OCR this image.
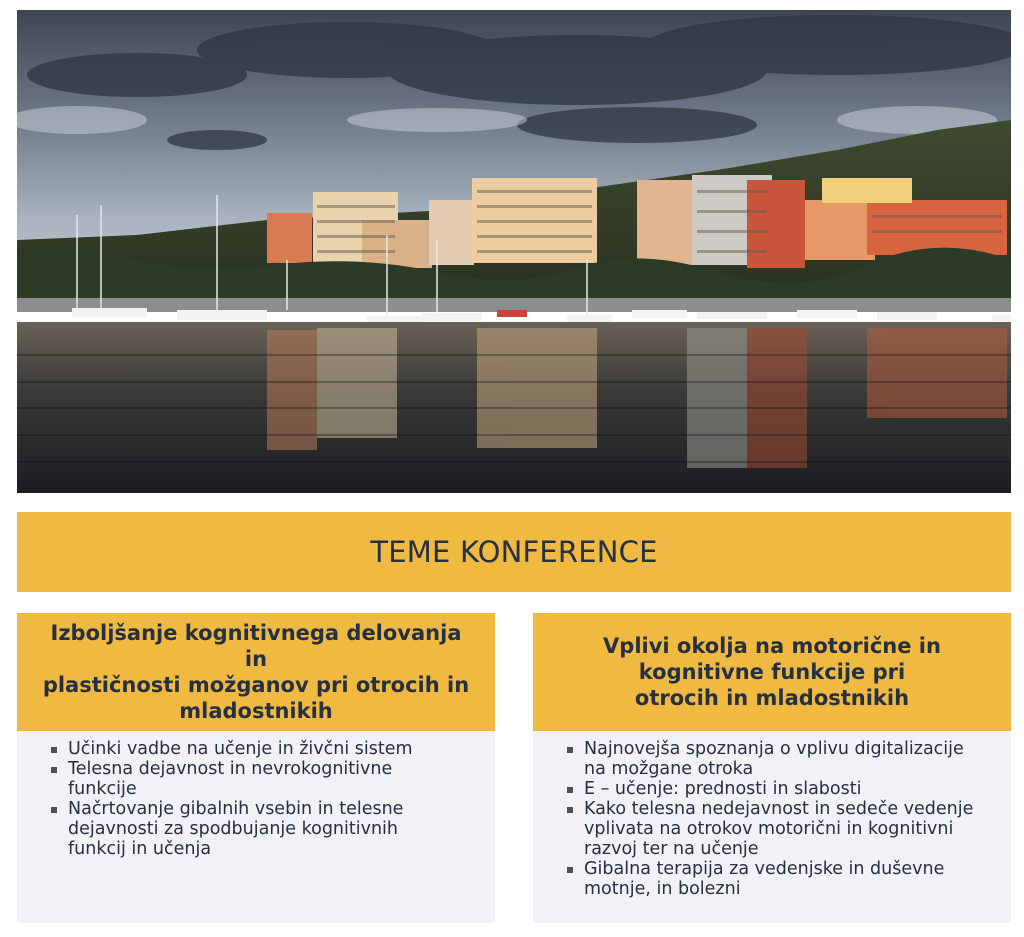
TEME KONFERENCE
Izboljšanje kognitivnega delovanja in
plastičnosti možganov pri otrocih in
mladostnikih
Učinki vadbe na učenje in živčni sistem
Telesna dejavnost in nevrokognitivne
funkcije
Načrtovanje gibalnih vsebin in telesne
dejavnosti za spodbujanje kognitivnih
funkcij in učenja
Vplivi okolja na motorične in
kognitivne funkcije pri
otrocih in mladostnikih
Najnovejša spoznanja o vplivu digitalizacije
na možgane otroka
E – učenje: prednosti in slabosti
Kako telesna nedejavnost in sedeče vedenje
vplivata na otrokov motorični in kognitivni
razvoj ter na učenje
Gibalna terapija za vedenjske in duševne
motnje, in bolezni
